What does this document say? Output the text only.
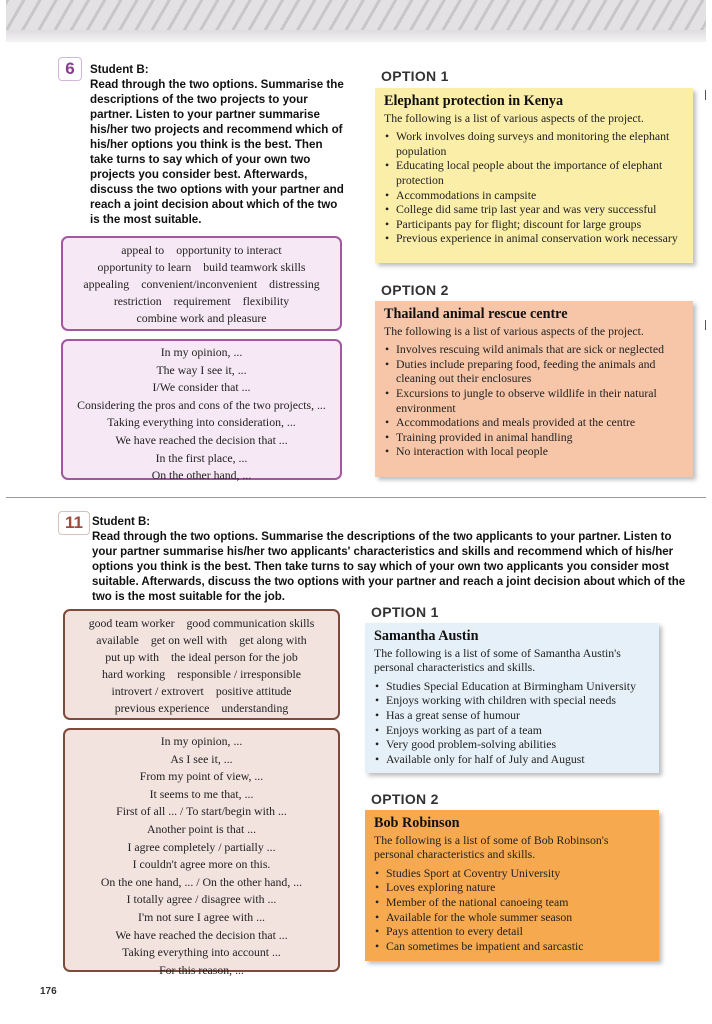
6	Student B:
Read through the two options. Summarise the descriptions of the two projects to your partner. Listen to your partner summarise his/her two projects and recommend which of his/her options you think is the best. Then take turns to say which of your own two projects you consider best. Afterwards, discuss the two options with your partner and reach a joint decision about which of the two is the most suitable.
appeal to opportunity to interact
opportunity to learn build teamwork skills
appealing convenient/inconvenient distressing
restriction requirement flexibility
combine work and pleasure
In my opinion, ...
The way I see it, ...
I/We consider that ...
Considering the pros and cons of the two projects, ...
Taking everything into consideration, ...
We have reached the decision that ...
In the first place, ...
On the other hand, ...
OPTION 1
Elephant protection in Kenya

The following is a list of various aspects of the project.

• Work involves doing surveys and monitoring the elephant population
• Educating local people about the importance of elephant protection
• Accommodations in campsite
• College did same trip last year and was very successful
• Participants pay for flight; discount for large groups
• Previous experience in animal conservation work necessary
OPTION 2
Thailand animal rescue centre

The following is a list of various aspects of the project.

• Involves rescuing wild animals that are sick or neglected
• Duties include preparing food, feeding the animals and cleaning out their enclosures
• Excursions to jungle to observe wildlife in their natural environment
• Accommodations and meals provided at the centre
• Training provided in animal handling
• No interaction with local people
11 Student B:
Read through the two options. Summarise the descriptions of the two applicants to your partner. Listen to your partner summarise his/her two applicants' characteristics and skills and recommend which of his/her options you think is the best. Then take turns to say which of your own two applicants you consider most suitable. Afterwards, discuss the two options with your partner and reach a joint decision about which of the two is the most suitable for the job.
good team worker good communication skills
available get on well with get along with
put up with the ideal person for the job
hard working responsible / irresponsible
introvert / extrovert positive attitude
previous experience understanding
In my opinion, ...
As I see it, ...
From my point of view, ...
It seems to me that, ...
First of all ... / To start/begin with ...
Another point is that ...
I agree completely / partially ...
I couldn't agree more on this.
On the one hand, ... / On the other hand, ...
I totally agree / disagree with ...
I'm not sure I agree with ...
We have reached the decision that ...
Taking everything into account ...
For this reason, ...
OPTION 1
Samantha Austin

The following is a list of some of Samantha Austin's personal characteristics and skills.

• Studies Special Education at Birmingham University
• Enjoys working with children with special needs
• Has a great sense of humour
• Enjoys working as part of a team
• Very good problem-solving abilities
• Available only for half of July and August
OPTION 2
Bob Robinson

The following is a list of some of Bob Robinson's personal characteristics and skills.

• Studies Sport at Coventry University
• Loves exploring nature
• Member of the national canoeing team
• Available for the whole summer season
• Pays attention to every detail
• Can sometimes be impatient and sarcastic
176
